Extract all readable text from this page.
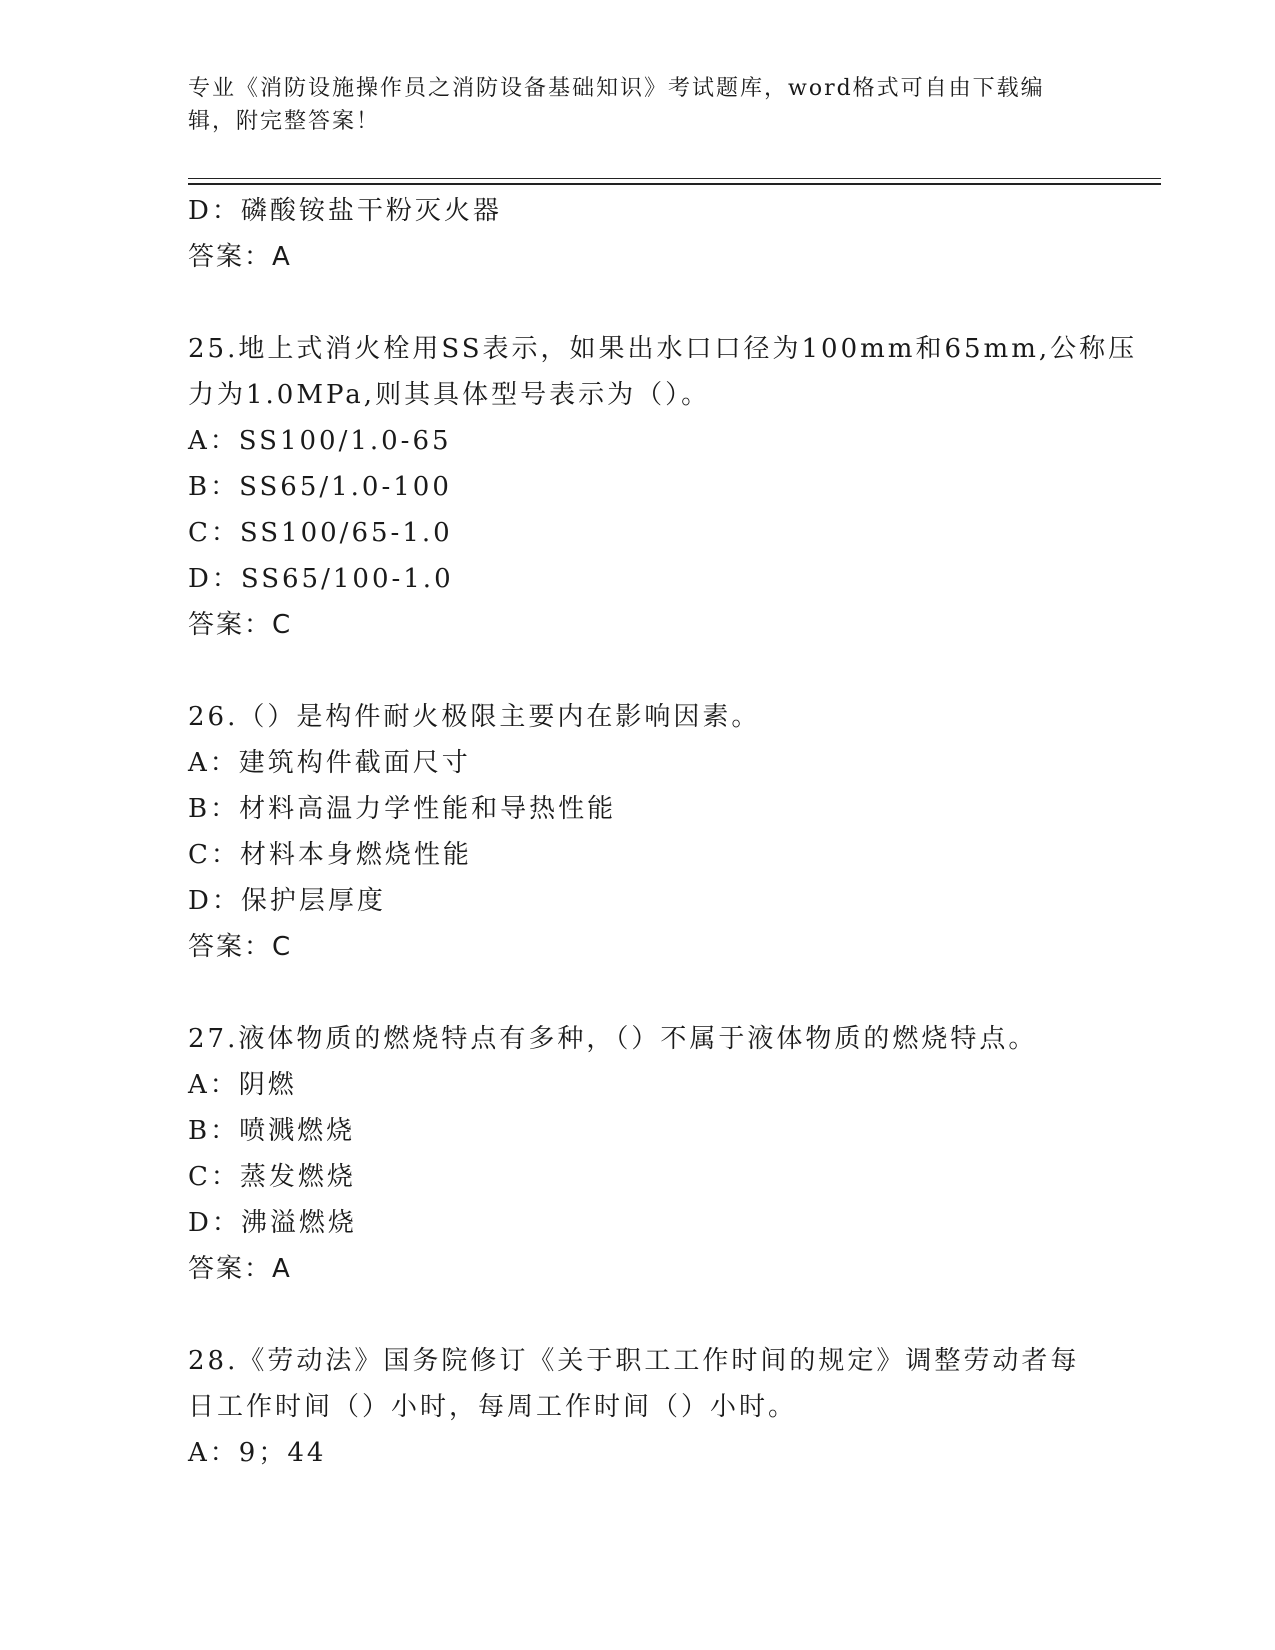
专业《消防设施操作员之消防设备基础知识》考试题库，word格式可自由下载编
辑，附完整答案！
D：磷酸铵盐干粉灭火器
答案：A
25.地上式消火栓用SS表示，如果出水口口径为100mm和65mm,公称压
力为1.0MPa,则其具体型号表示为（）。
A：SS100/1.0-65
B：SS65/1.0-100
C：SS100/65-1.0
D：SS65/100-1.0
答案：C
26.（）是构件耐火极限主要内在影响因素。
A：建筑构件截面尺寸
B：材料高温力学性能和导热性能
C：材料本身燃烧性能
D：保护层厚度
答案：C
27.液体物质的燃烧特点有多种，（）不属于液体物质的燃烧特点。
A：阴燃
B：喷溅燃烧
C：蒸发燃烧
D：沸溢燃烧
答案：A
28.《劳动法》国务院修订《关于职工工作时间的规定》调整劳动者每
日工作时间（）小时，每周工作时间（）小时。
A：9；44
